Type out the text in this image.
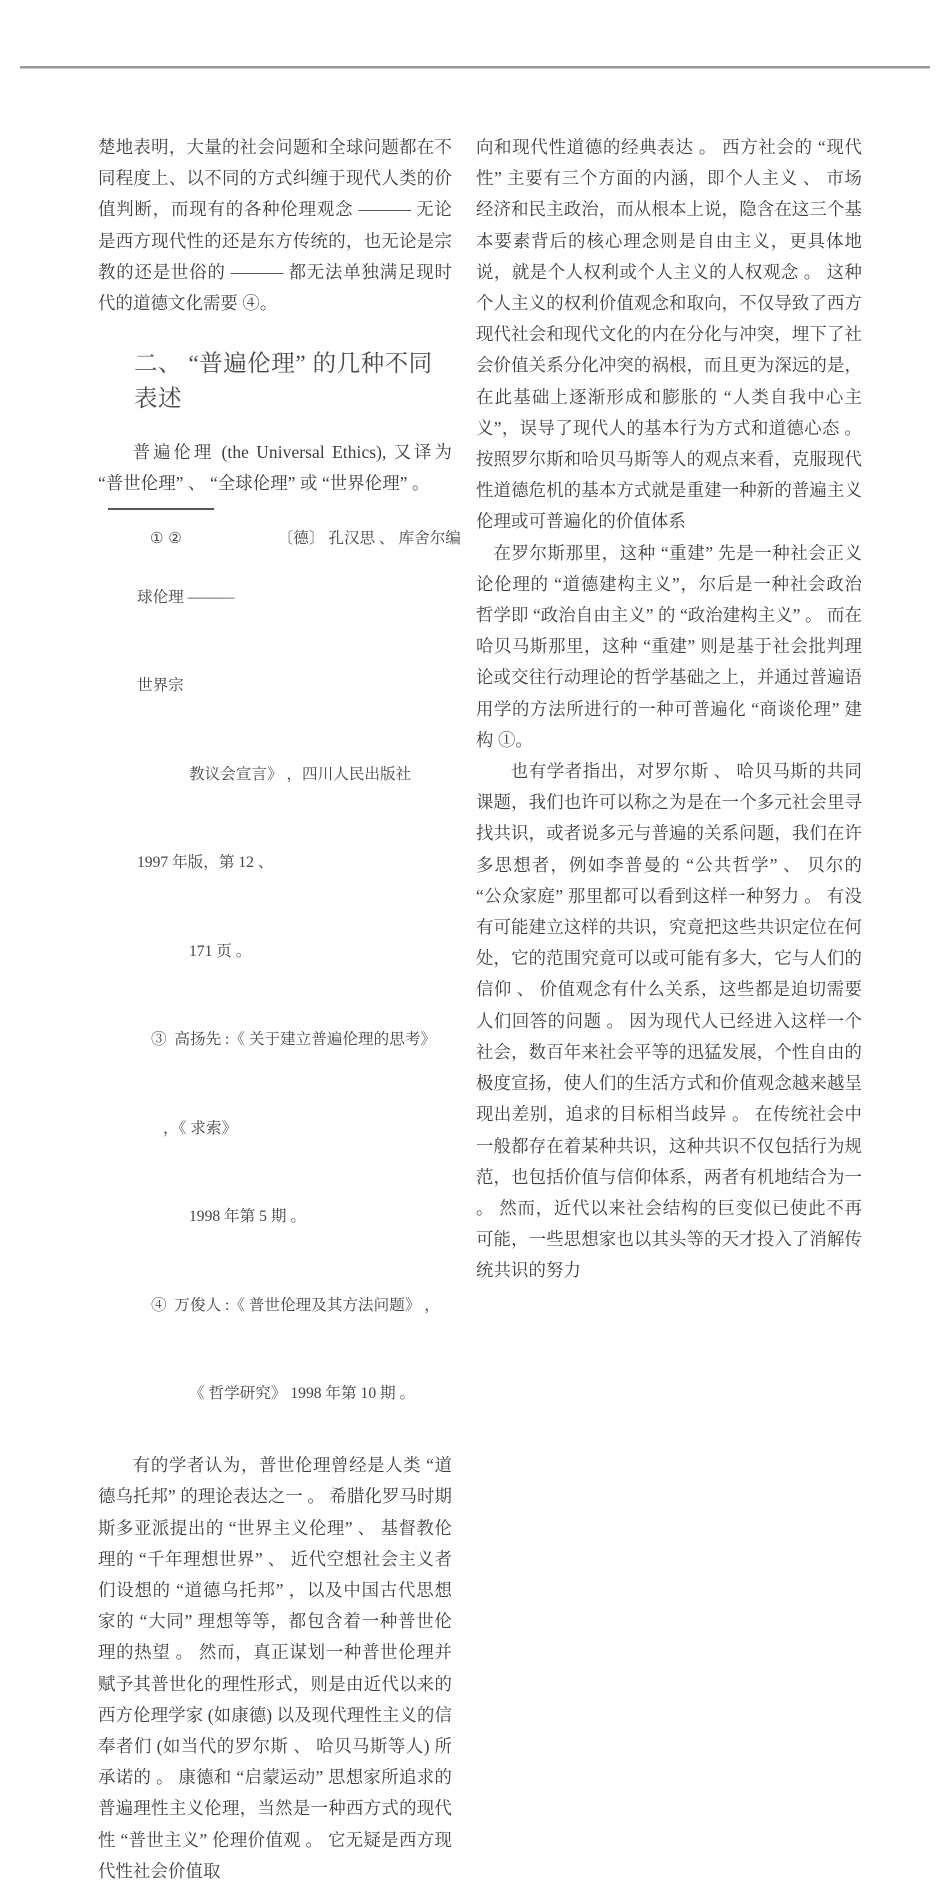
楚地表明，大量的社会问题和全球问题都在不同程度上、以不同的方式纠缠于现代人类的价值判断，而现有的各种伦理观念 ——— 无论是西方现代性的还是东方传统的，也无论是宗教的还是世俗的 ——— 都无法单独满足现时代的道德文化需要 ④。

二、 “普遍伦理” 的几种不同表述

普遍伦理 (the Universal Ethics), 又译为 “普世伦理” 、 “全球伦理” 或 “世界伦理” 。

① ②	〔德〕 孔汉思 、 库舍尔编

球伦理 ———

世界宗

教议会宣言》 ，四川人民出版社

1997 年版，第 12 、

171 页 。

③  高扬先 :《 关于建立普遍伦理的思考》

，《 求索》

1998 年第 5 期 。

④  万俊人 :《 普世伦理及其方法问题》 ，

《 哲学研究》 1998 年第 10 期 。

有的学者认为，普世伦理曾经是人类 “道德乌托邦” 的理论表达之一 。 希腊化罗马时期斯多亚派提出的 “世界主义伦理” 、 基督教伦理的 “千年理想世界” 、 近代空想社会主义者们设想的 “道德乌托邦” ，以及中国古代思想家的 “大同” 理想等等，都包含着一种普世伦理的热望 。 然而，真正谋划一种普世伦理并赋予其普世化的理性形式，则是由近代以来的西方伦理学家 (如康德) 以及现代理性主义的信奉者们 (如当代的罗尔斯 、 哈贝马斯等人) 所承诺的 。 康德和 “启蒙运动” 思想家所追求的普遍理性主义伦理，当然是一种西方式的现代性 “普世主义” 伦理价值观 。 它无疑是西方现代性社会价值取

向和现代性道德的经典表达 。 西方社会的 “现代性” 主要有三个方面的内涵，即个人主义 、 市场经济和民主政治，而从根本上说，隐含在这三个基本要素背后的核心理念则是自由主义，更具体地说，就是个人权利或个人主义的人权观念 。 这种个人主义的权利价值观念和取向，不仅导致了西方现代社会和现代文化的内在分化与冲突，埋下了社会价值关系分化冲突的祸根，而且更为深远的是，在此基础上逐渐形成和膨胀的 “人类自我中心主义”，误导了现代人的基本行为方式和道德心态 。 按照罗尔斯和哈贝马斯等人的观点来看，克服现代性道德危机的基本方式就是重建一种新的普遍主义伦理或可普遍化的价值体系

在罗尔斯那里，这种 “重建” 先是一种社会正义论伦理的 “道德建构主义”，尔后是一种社会政治哲学即 “政治自由主义” 的 “政治建构主义” 。 而在哈贝马斯那里，这种 “重建” 则是基于社会批判理论或交往行动理论的哲学基础之上，并通过普遍语用学的方法所进行的一种可普遍化 “商谈伦理” 建构 ①。

也有学者指出，对罗尔斯 、 哈贝马斯的共同课题，我们也许可以称之为是在一个多元社会里寻找共识，或者说多元与普遍的关系问题，我们在许多思想者，例如李普曼的 “公共哲学” 、 贝尔的 “公众家庭” 那里都可以看到这样一种努力 。 有没有可能建立这样的共识，究竟把这些共识定位在何处，它的范围究竟可以或可能有多大，它与人们的信仰 、 价值观念有什么关系，这些都是迫切需要人们回答的问题 。 因为现代人已经进入这样一个社会，数百年来社会平等的迅猛发展，个性自由的极度宣扬，使人们的生活方式和价值观念越来越呈现出差别，追求的目标相当歧异 。 在传统社会中一般都存在着某种共识，这种共识不仅包括行为规范，也包括价值与信仰体系，两者有机地结合为一 。 然而，近代以来社会结构的巨变似已使此不再可能，一些思想家也以其头等的天才投入了消解传统共识的努力
